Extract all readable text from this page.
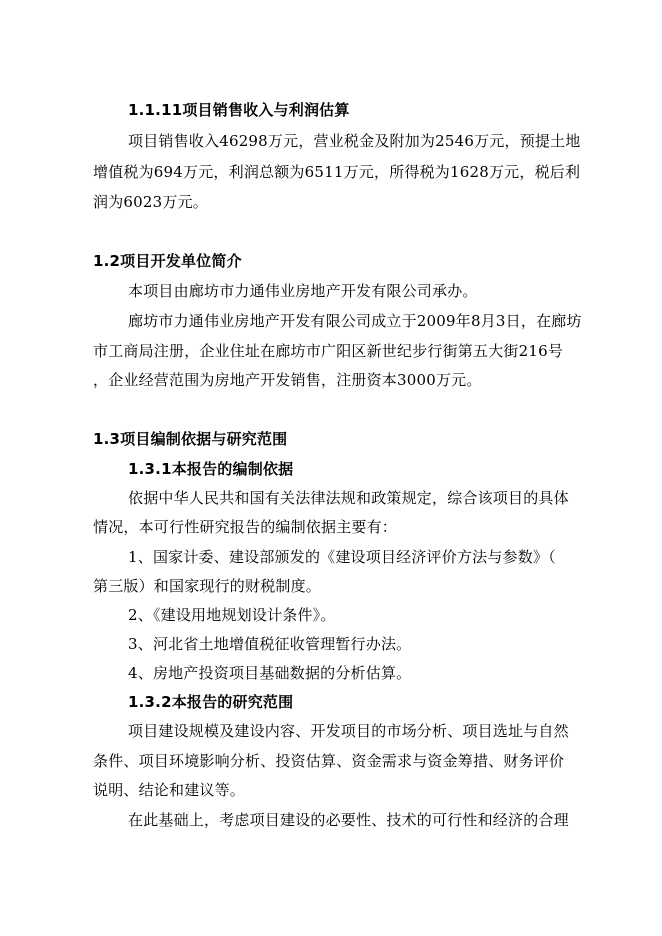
1.1.11项目销售收入与利润估算
项目销售收入46298万元，营业税金及附加为2546万元，预提土地
增值税为694万元，利润总额为6511万元，所得税为1628万元，税后利
润为6023万元。
1.2项目开发单位简介
本项目由廊坊市力通伟业房地产开发有限公司承办。
廊坊市力通伟业房地产开发有限公司成立于2009年8月3日，在廊坊
市工商局注册，企业住址在廊坊市广阳区新世纪步行街第五大街216号
，企业经营范围为房地产开发销售，注册资本3000万元。
1.3项目编制依据与研究范围
1.3.1本报告的编制依据
依据中华人民共和国有关法律法规和政策规定，综合该项目的具体
情况，本可行性研究报告的编制依据主要有：
1、国家计委、建设部颁发的《建设项目经济评价方法与参数》（
第三版）和国家现行的财税制度。
2、《建设用地规划设计条件》。
3、河北省土地增值税征收管理暂行办法。
4、房地产投资项目基础数据的分析估算。
1.3.2本报告的研究范围
项目建设规模及建设内容、开发项目的市场分析、项目选址与自然
条件、项目环境影响分析、投资估算、资金需求与资金筹措、财务评价
说明、结论和建议等。
在此基础上，考虑项目建设的必要性、技术的可行性和经济的合理
